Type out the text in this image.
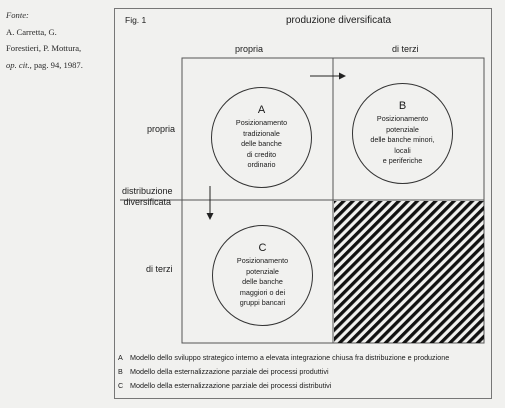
Fonte:
A. Carretta, G.
Forestieri, P. Mottura,
op. cit., pag. 94, 1987.
Fig. 1	produzione diversificata
propria	di terzi
propria
distribuzione
diversificata
di terzi
A
Posizionamento
tradizionale
delle banche
di credito
ordinario
B
Posizionamento
potenziale
delle banche minori,
locali
e periferiche
C
Posizionamento
potenziale
delle banche
maggiori o dei
gruppi bancari
A Modello dello sviluppo strategico interno a elevata integrazione chiusa fra distribuzione e produzione
B Modello della esternalizzazione parziale dei processi produttivi
C Modello della esternalizzazione parziale dei processi distributivi
